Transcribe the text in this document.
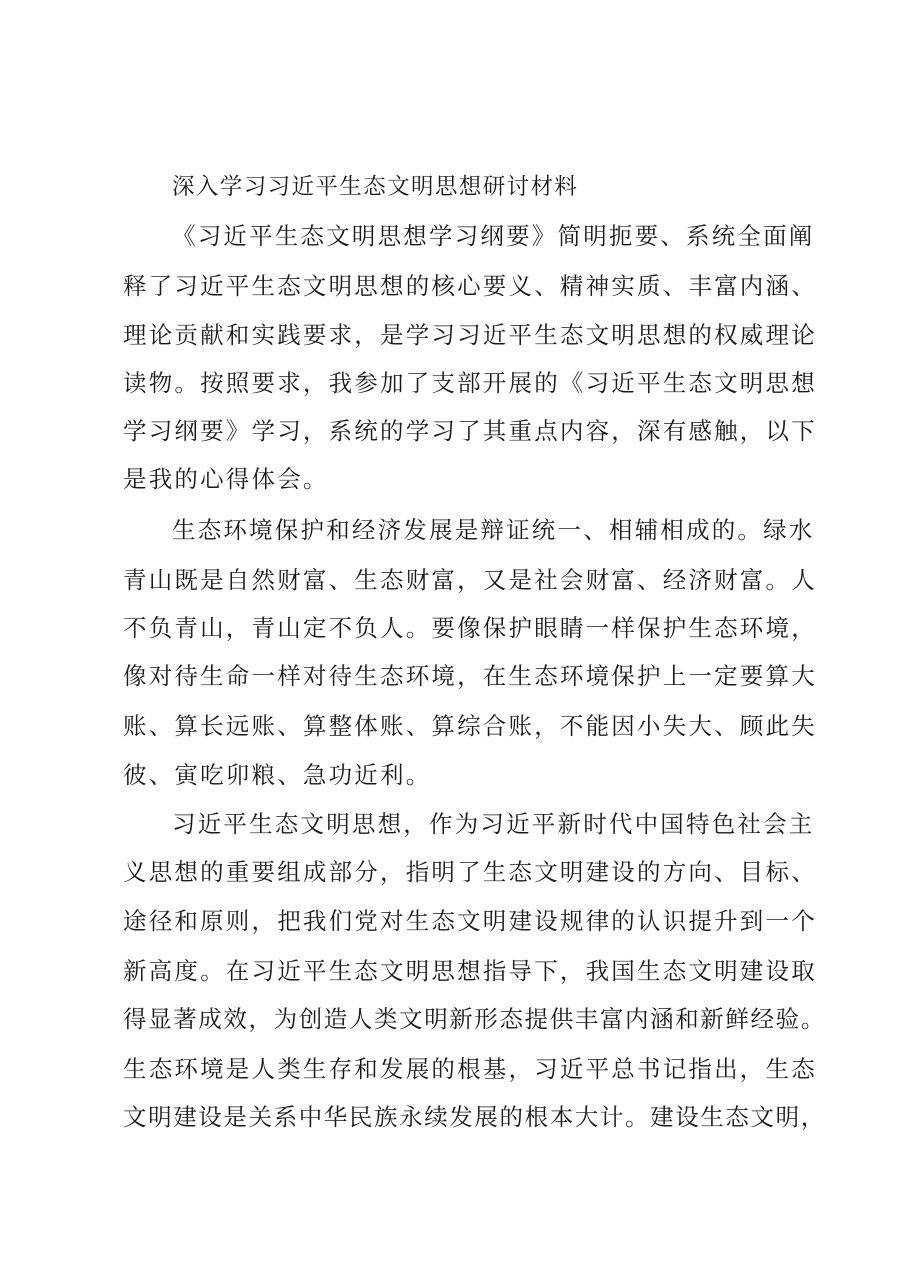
深入学习习近平生态文明思想研讨材料

《习近平生态文明思想学习纲要》简明扼要、系统全面阐

释了习近平生态文明思想的核心要义、精神实质、丰富内涵、

理论贡献和实践要求，是学习习近平生态文明思想的权威理论

读物。按照要求，我参加了支部开展的《习近平生态文明思想

学习纲要》学习，系统的学习了其重点内容，深有感触，以下

是我的心得体会。

生态环境保护和经济发展是辩证统一、相辅相成的。绿水

青山既是自然财富、生态财富，又是社会财富、经济财富。人

不负青山，青山定不负人。要像保护眼睛一样保护生态环境，

像对待生命一样对待生态环境，在生态环境保护上一定要算大

账、算长远账、算整体账、算综合账，不能因小失大、顾此失

彼、寅吃卯粮、急功近利。

习近平生态文明思想，作为习近平新时代中国特色社会主

义思想的重要组成部分，指明了生态文明建设的方向、目标、

途径和原则，把我们党对生态文明建设规律的认识提升到一个

新高度。在习近平生态文明思想指导下，我国生态文明建设取

得显著成效，为创造人类文明新形态提供丰富内涵和新鲜经验。

生态环境是人类生存和发展的根基，习近平总书记指出，生态

文明建设是关系中华民族永续发展的根本大计。建设生态文明，
